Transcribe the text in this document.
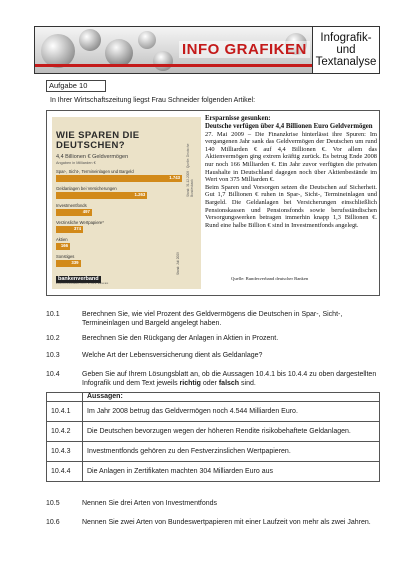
INFO GRAFIKEN
Infografik-
und
Textanalyse
Aufgabe 10
In Ihrer Wirtschaftszeitung liegst Frau Schneider folgenden Artikel:
WIE SPAREN DIE
DEUTSCHEN?
4,4 Billionen € Geldvermögen
Angaben in Milliarden €	Stand: 31.12.2008 · Quelle: Deutsche Bundesbank
Spar-, Sicht-, Termineinlagen und Bargeld
1.743
Geldanlagen bei Versicherungen
1.263
Investmentfonds
497
Verzinsliche Wertpapiere*
374
Aktien
166
Sonstiges
339	Stand: Juli 2009
bankenverband
BUNDESVERBAND DEUTSCHER BANKEN
Ersparnisse gesunken:
Deutsche verfügen über 4,4 Billionen Euro Geldvermögen
27. Mai 2009 – Die Finanzkrise hinterlässt ihre Spuren: Im vergangenen Jahr sank das Geldvermögen der Deutschen um rund 140 Milliarden € auf 4,4 Billionen €. Vor allem das Aktienvermögen ging extrem kräftig zurück. Es betrug Ende 2008 nur noch 166 Milliarden €. Ein Jahr zuvor verfügten die privaten Haushalte in Deutschland dagegen noch über Aktienbestände im Wert von 375 Milliarden €.
Beim Sparen und Vorsorgen setzen die Deutschen auf Sicherheit. Gut 1,7 Billionen € ruhen in Spar-, Sicht-, Termineinlagen und Bargeld. Die Geldanlagen bei Versicherungen einschließlich Pensionskassen und Pensionsfonds sowie berufsständischen Versorgungswerken betragen immerhin knapp 1,3 Billionen €. Rund eine halbe Billion € sind in Investmentfonds angelegt.
Quelle: Bundesverband deutscher Banken
10.1	Berechnen Sie, wie viel Prozent des Geldvermögens die Deutschen in Spar-, Sicht-, Termineinlagen und Bargeld angelegt haben.
10.2	Berechnen Sie den Rückgang der Anlagen in Aktien in Prozent.
10.3	Welche Art der Lebensversicherung dient als Geldanlage?
10.4	Geben Sie auf Ihrem Lösungsblatt an, ob die Aussagen 10.4.1 bis 10.4.4 zu oben dargestellten Infografik und dem Text jeweils richtig oder falsch sind.
	Aussagen:
10.4.1	Im Jahr 2008 betrug das Geldvermögen noch 4.544 Milliarden Euro.
10.4.2	Die Deutschen bevorzugen wegen der höheren Rendite risikobehaftete Geldanlagen.
10.4.3	Investmentfonds gehören zu den Festverzinslichen Wertpapieren.
10.4.4	Die Anlagen in Zertifikaten machten 304 Milliarden Euro aus
10.5	Nennen Sie drei Arten von Investmentfonds
10.6	Nennen Sie zwei Arten von Bundeswertpapieren mit einer Laufzeit von mehr als zwei Jahren.
